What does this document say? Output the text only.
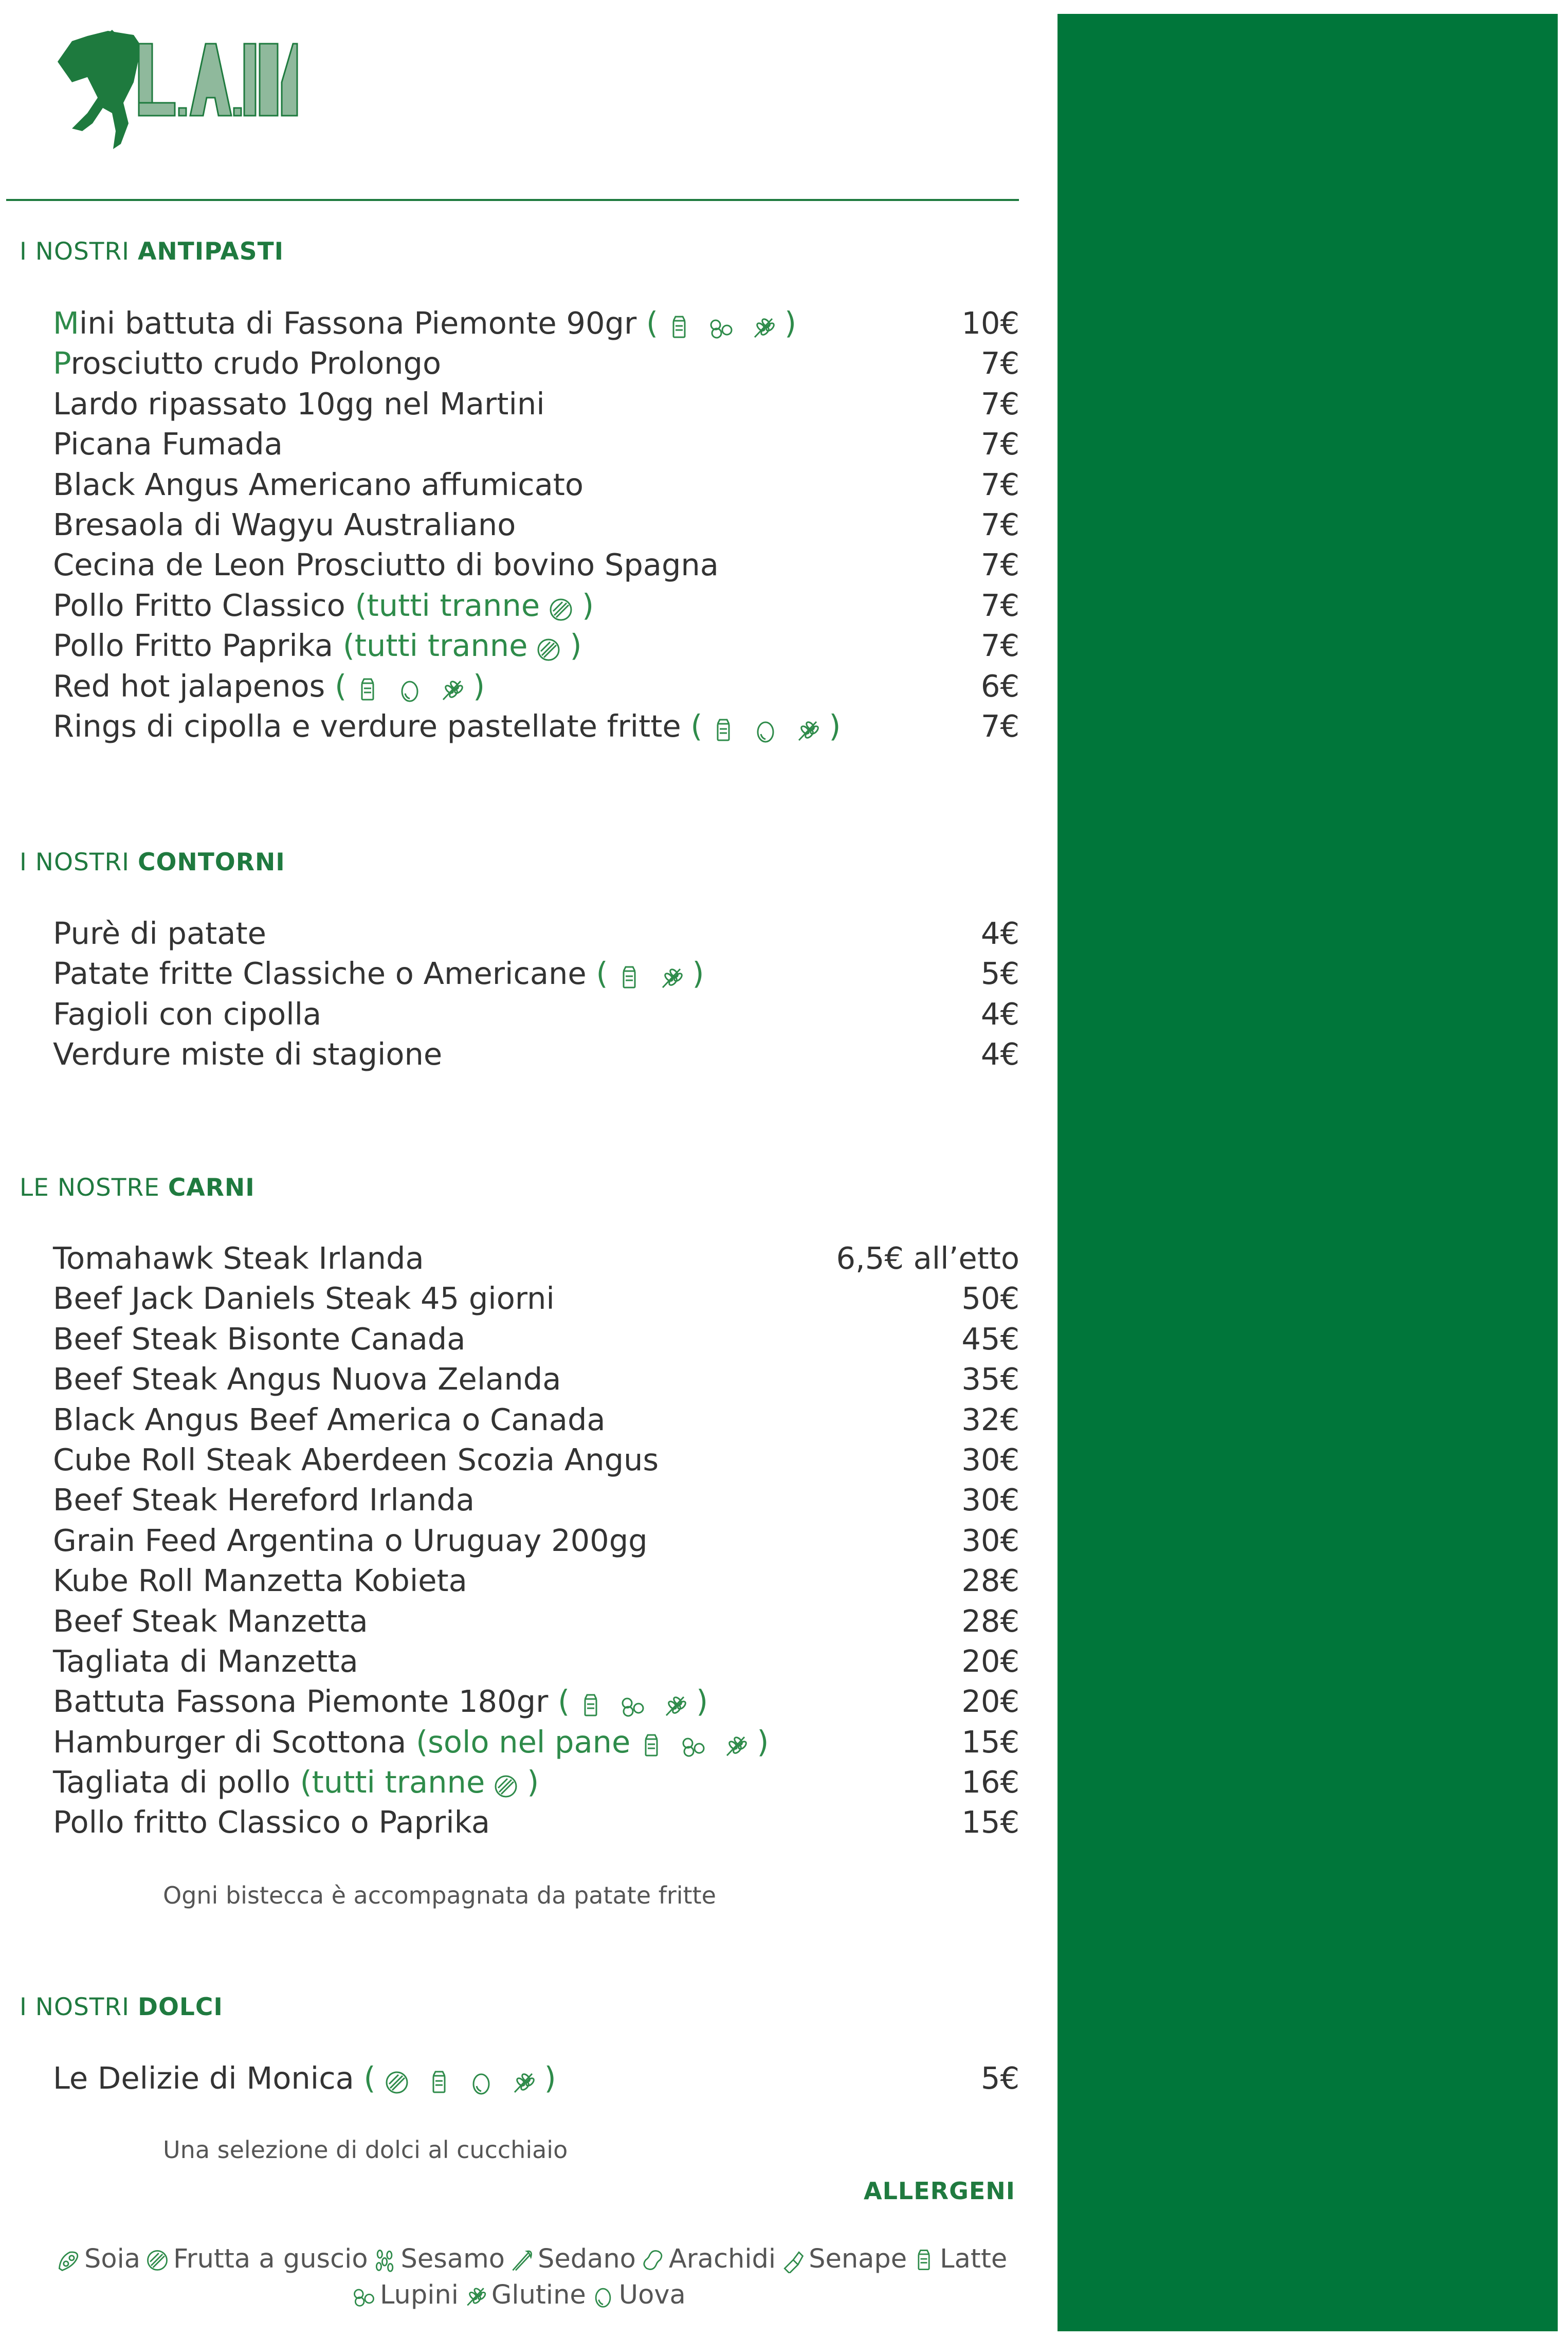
I NOSTRI ANTIPASTI
Mini battuta di Fassona Piemonte 90gr (	)	10€
Prosciutto crudo Prolongo	7€
Lardo ripassato 10gg nel Martini	7€
Picana Fumada	7€
Black Angus Americano affumicato	7€
Bresaola di Wagyu Australiano	7€
Cecina de Leon Prosciutto di bovino Spagna	7€
Pollo Fritto Classico (tutti tranne )	7€
Pollo Fritto Paprika (tutti tranne )	7€
Red hot jalapenos (	)	6€
Rings di cipolla e verdure pastellate fritte (	)	7€
I NOSTRI CONTORNI
Purè di patate	4€
Patate fritte Classiche o Americane (	)	5€
Fagioli con cipolla	4€
Verdure miste di stagione	4€
LE NOSTRE CARNI
Tomahawk Steak Irlanda	6,5€ all’etto
Beef Jack Daniels Steak 45 giorni	50€
Beef Steak Bisonte Canada	45€
Beef Steak Angus Nuova Zelanda	35€
Black Angus Beef America o Canada	32€
Cube Roll Steak Aberdeen Scozia Angus	30€
Beef Steak Hereford Irlanda	30€
Grain Feed Argentina o Uruguay 200gg	30€
Kube Roll Manzetta Kobieta	28€
Beef Steak Manzetta	28€
Tagliata di Manzetta	20€
Battuta Fassona Piemonte 180gr (	)	20€
Hamburger di Scottona (solo nel pane	)	15€
Tagliata di pollo (tutti tranne )	16€
Pollo fritto Classico o Paprika	15€
Ogni bistecca è accompagnata da patate fritte
I NOSTRI DOLCI
Le Delizie di Monica (	)	5€
Una selezione di dolci al cucchiaio
ALLERGENI
Soia Frutta a guscio Sesamo Sedano Arachidi Senape Latte
Lupini Glutine Uova
